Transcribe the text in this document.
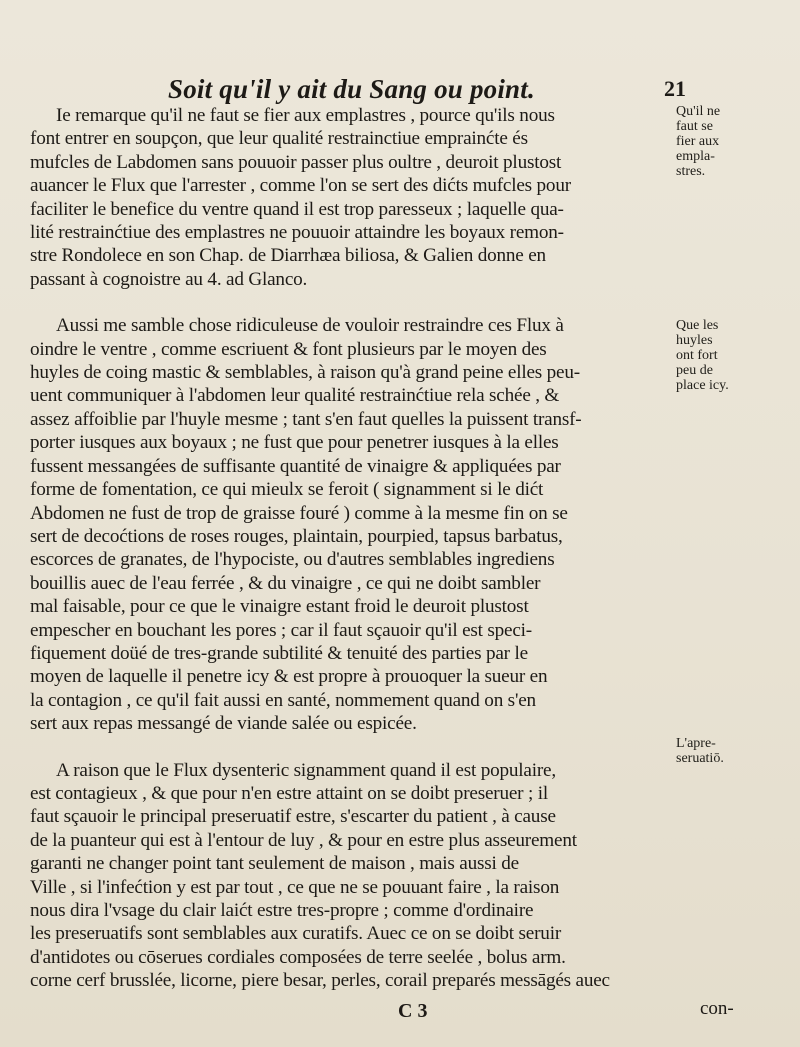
Soit qu'il y ait du Sang ou point.	21
Ie remarque qu'il ne faut se fier aux emplastres , pource qu'ils nous
font entrer en soupçon, que leur qualité restrainctiue emprainćte és
mufcles de Labdomen sans pouuoir passer plus oultre , deuroit plustost
auancer le Flux que l'arrester , comme l'on se sert des dićts mufcles pour
faciliter le benefice du ventre quand il est trop paresseux ; laquelle qua-
lité restrainćtiue des emplastres ne pouuoir attaindre les boyaux remon-
stre Rondolece en son Chap. de Diarrhæa biliosa, & Galien donne en
passant à cognoistre au 4. ad Glanco.
Aussi me samble chose ridiculeuse de vouloir restraindre ces Flux à
oindre le ventre , comme escriuent & font plusieurs par le moyen des
huyles de coing mastic & semblables, à raison qu'à grand peine elles peu-
uent communiquer à l'abdomen leur qualité restrainćtiue rela schée , &
assez affoiblie par l'huyle mesme ; tant s'en faut quelles la puissent transf-
porter iusques aux boyaux ; ne fust que pour penetrer iusques à la elles
fussent messangées de suffisante quantité de vinaigre & appliquées par
forme de fomentation, ce qui mieulx se feroit ( signamment si le dićt
Abdomen ne fust de trop de graisse fouré ) comme à la mesme fin on se
sert de decoćtions de roses rouges, plaintain, pourpied, tapsus barbatus,
escorces de granates, de l'hypociste, ou d'autres semblables ingrediens
bouillis auec de l'eau ferrée , & du vinaigre , ce qui ne doibt sambler
mal faisable, pour ce que le vinaigre estant froid le deuroit plustost
empescher en bouchant les pores ; car il faut sçauoir qu'il est speci-
fiquement doüé de tres-grande subtilité & tenuité des parties par le
moyen de laquelle il penetre icy & est propre à prouoquer la sueur en
la contagion , ce qu'il fait aussi en santé, nommement quand on s'en
sert aux repas messangé de viande salée ou espicée.
A raison que le Flux dysenteric signamment quand il est populaire,
est contagieux , & que pour n'en estre attaint on se doibt preseruer ; il
faut sçauoir le principal preseruatif estre, s'escarter du patient , à cause
de la puanteur qui est à l'entour de luy , & pour en estre plus asseurement
garanti ne changer point tant seulement de maison , mais aussi de
Ville , si l'infećtion y est par tout , ce que ne se pouuant faire , la raison
nous dira l'vsage du clair laićt estre tres-propre ; comme d'ordinaire
les preseruatifs sont semblables aux curatifs. Auec ce on se doibt seruir
d'antidotes ou cōserues cordiales composées de terre seelée , bolus arm.
corne cerf brusslée, licorne, piere besar, perles, corail preparés messāgés auec
Qu'il ne
faut se
fier aux
empla-
stres.
Que les
huyles
ont fort
peu de
place icy.
L'apre-
seruatiō.
C 3	con-
